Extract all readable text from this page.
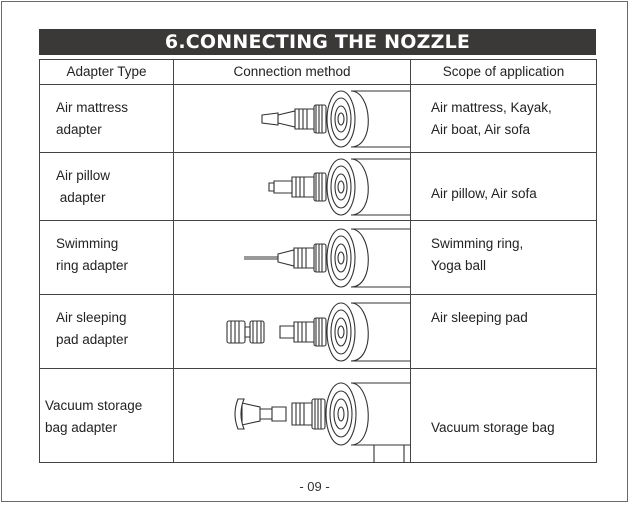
6.CONNECTING THE NOZZLE
Adapter Type	Connection method	Scope of application

Air mattress
adapter		Air mattress, Kayak,
Air boat, Air sofa

Air pillow
adapter		Air pillow, Air sofa

Swimming
ring adapter		Swimming ring,
Yoga ball

Air sleeping
pad adapter		Air sleeping pad

Vacuum storage
bag adapter		Vacuum storage bag
- 09 -
